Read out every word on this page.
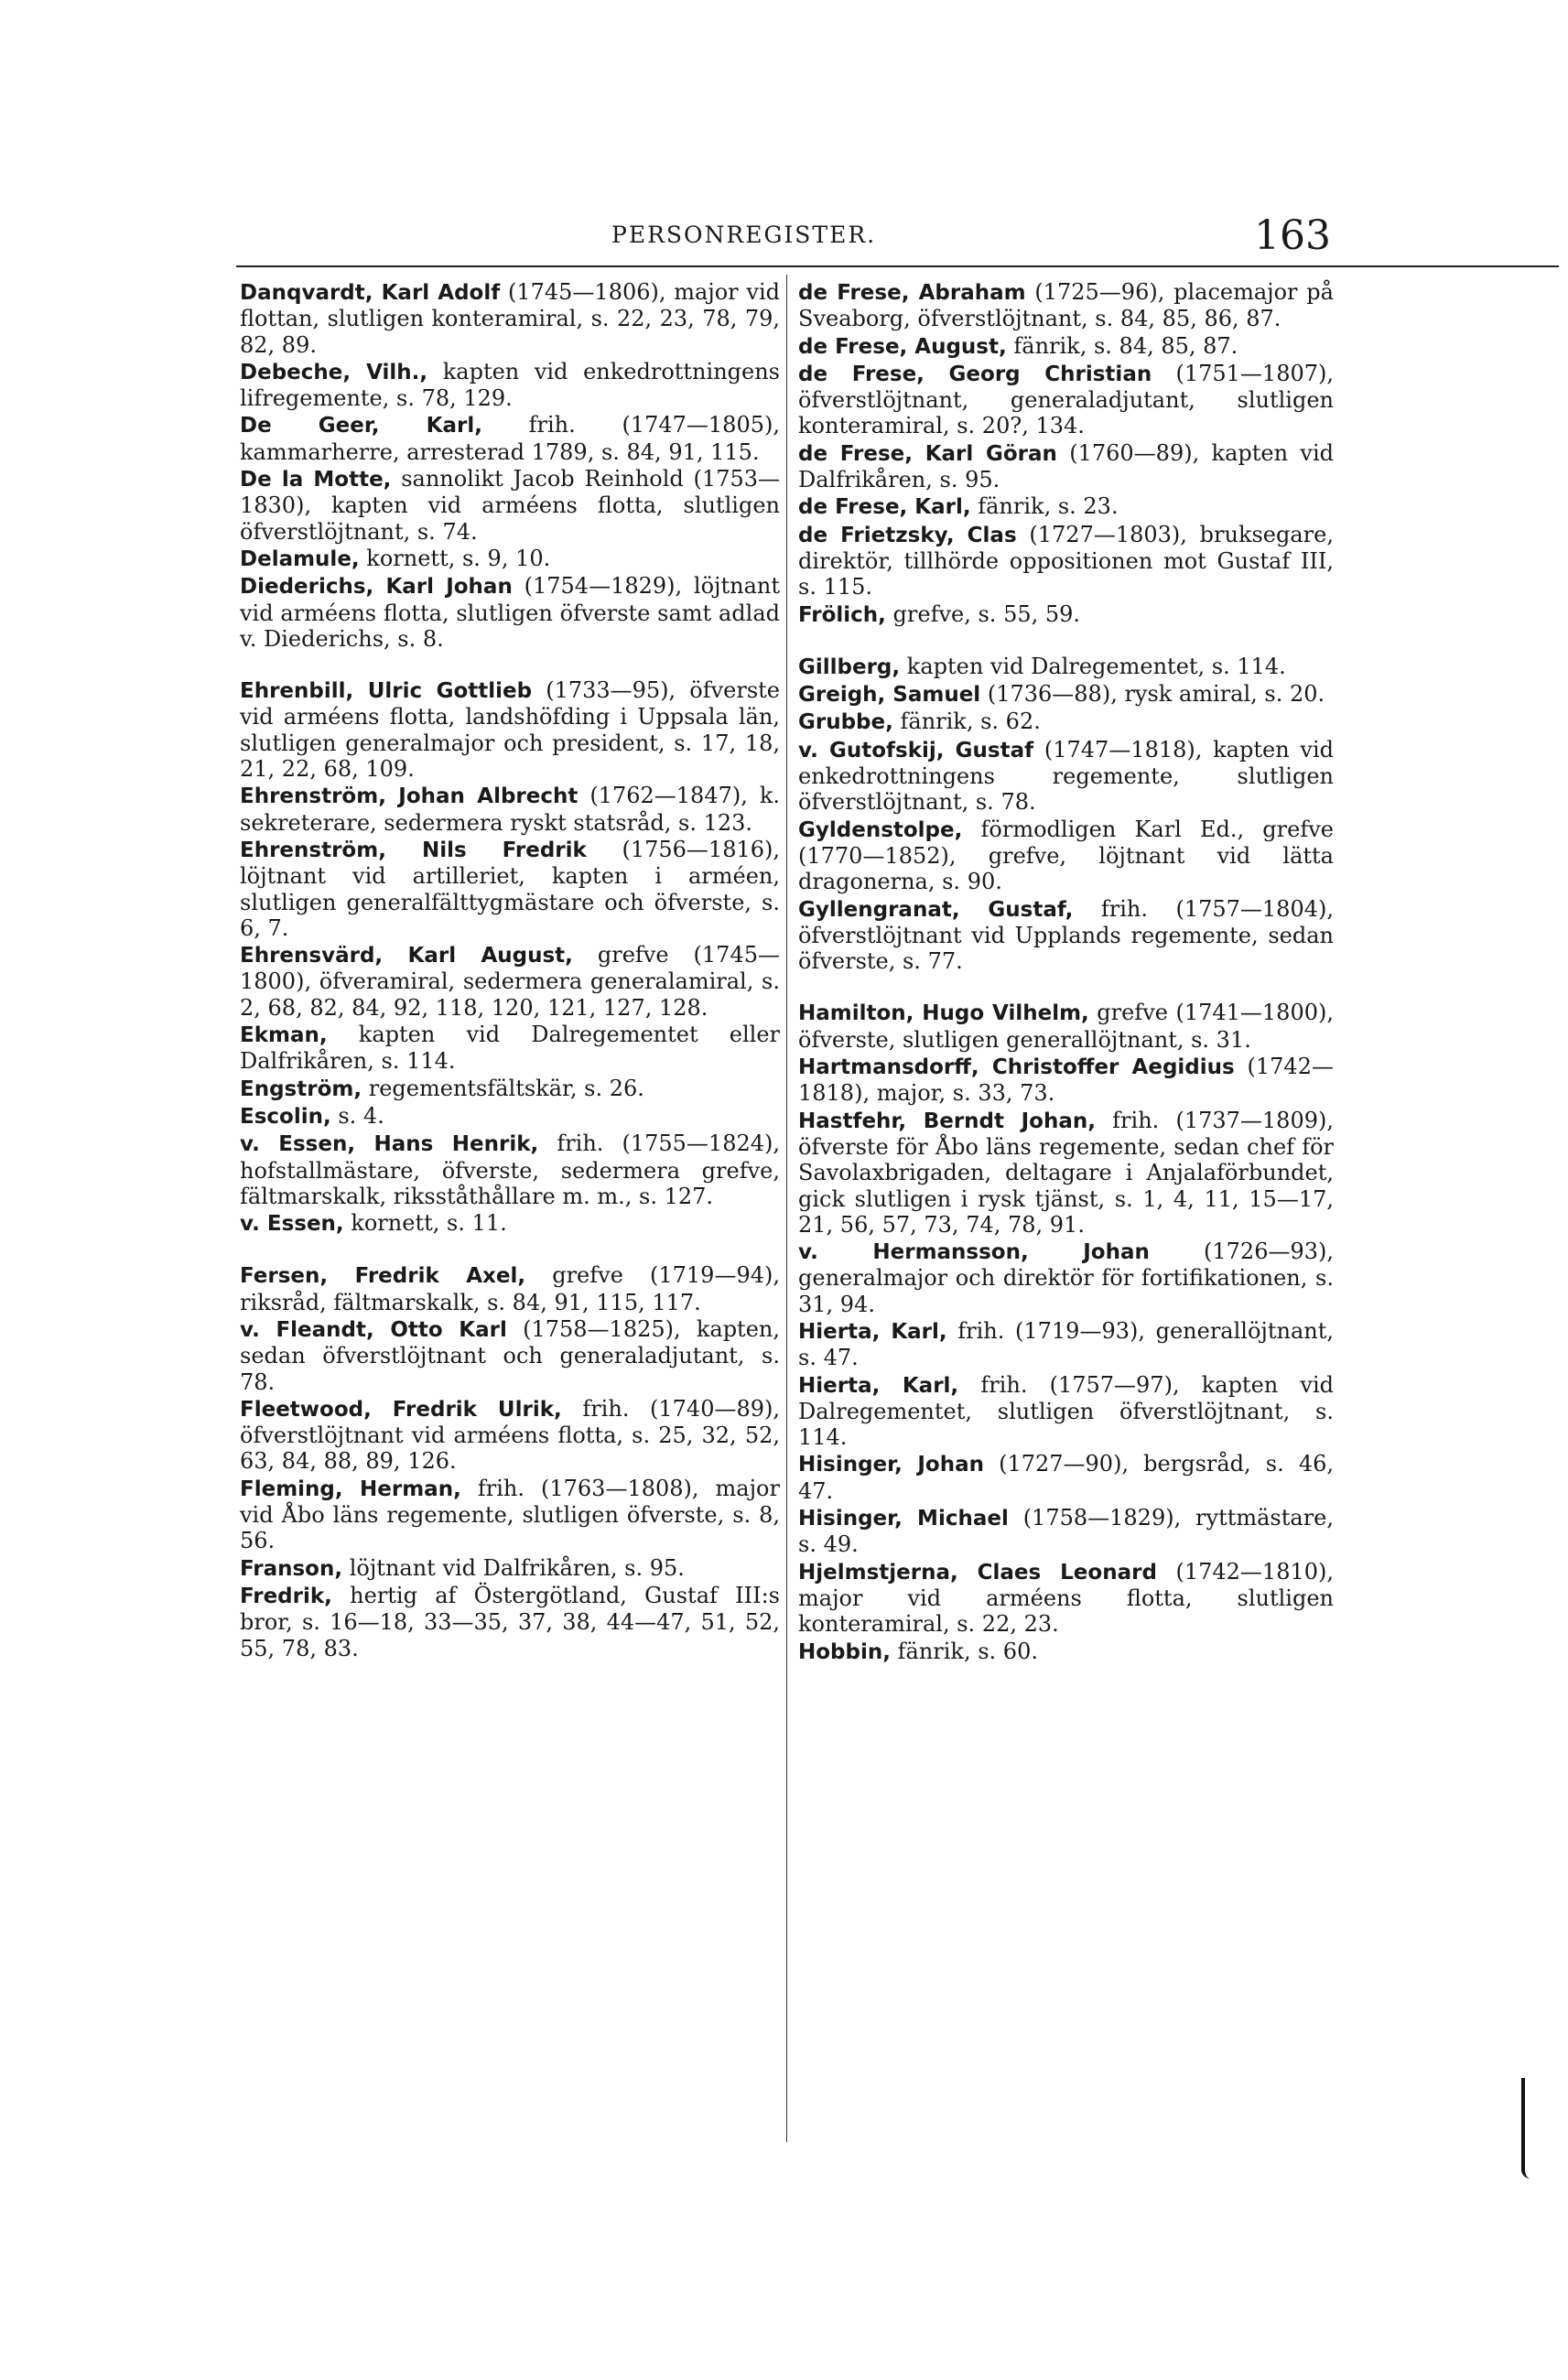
PERSONREGISTER.	163
Danqvardt, Karl Adolf (1745—1806), major vid flottan, slutligen konteramiral, s. 22, 23, 78, 79, 82, 89.
Debeche, Vilh., kapten vid enkedrottningens lifregemente, s. 78, 129.
De Geer, Karl, frih. (1747—1805), kammarherre, arresterad 1789, s. 84, 91, 115.
De la Motte, sannolikt Jacob Reinhold (1753—1830), kapten vid arméens flotta, slutligen öfverstlöjtnant, s. 74.
Delamule, kornett, s. 9, 10.
Diederichs, Karl Johan (1754—1829), löjtnant vid arméens flotta, slutligen öfverste samt adlad v. Diederichs, s. 8.
Ehrenbill, Ulric Gottlieb (1733—95), öfverste vid arméens flotta, landshöfding i Uppsala län, slutligen generalmajor och president, s. 17, 18, 21, 22, 68, 109.
Ehrenström, Johan Albrecht (1762—1847), k. sekreterare, sedermera ryskt statsråd, s. 123.
Ehrenström, Nils Fredrik (1756—1816), löjtnant vid artilleriet, kapten i arméen, slutligen generalfälttygmästare och öfverste, s. 6, 7.
Ehrensvärd, Karl August, grefve (1745—1800), öfveramiral, sedermera generalamiral, s. 2, 68, 82, 84, 92, 118, 120, 121, 127, 128.
Ekman, kapten vid Dalregementet eller Dalfrikåren, s. 114.
Engström, regementsfältskär, s. 26.
Escolin, s. 4.
v. Essen, Hans Henrik, frih. (1755—1824), hofstallmästare, öfverste, sedermera grefve, fältmarskalk, riksståthållare m. m., s. 127.
v. Essen, kornett, s. 11.
Fersen, Fredrik Axel, grefve (1719—94), riksråd, fältmarskalk, s. 84, 91, 115, 117.
v. Fleandt, Otto Karl (1758—1825), kapten, sedan öfverstlöjtnant och generaladjutant, s. 78.
Fleetwood, Fredrik Ulrik, frih. (1740—89), öfverstlöjtnant vid arméens flotta, s. 25, 32, 52, 63, 84, 88, 89, 126.
Fleming, Herman, frih. (1763—1808), major vid Åbo läns regemente, slutligen öfverste, s. 8, 56.
Franson, löjtnant vid Dalfrikåren, s. 95.
Fredrik, hertig af Östergötland, Gustaf III:s bror, s. 16—18, 33—35, 37, 38, 44—47, 51, 52, 55, 78, 83.
de Frese, Abraham (1725—96), placemajor på Sveaborg, öfverstlöjtnant, s. 84, 85, 86, 87.
de Frese, August, fänrik, s. 84, 85, 87.
de Frese, Georg Christian (1751—1807), öfverstlöjtnant, generaladjutant, slutligen konteramiral, s. 20?, 134.
de Frese, Karl Göran (1760—89), kapten vid Dalfrikåren, s. 95.
de Frese, Karl, fänrik, s. 23.
de Frietzsky, Clas (1727—1803), bruksegare, direktör, tillhörde oppositionen mot Gustaf III, s. 115.
Frölich, grefve, s. 55, 59.
Gillberg, kapten vid Dalregementet, s. 114.
Greigh, Samuel (1736—88), rysk amiral, s. 20.
Grubbe, fänrik, s. 62.
v. Gutofskij, Gustaf (1747—1818), kapten vid enkedrottningens regemente, slutligen öfverstlöjtnant, s. 78.
Gyldenstolpe, förmodligen Karl Ed., grefve (1770—1852), grefve, löjtnant vid lätta dragonerna, s. 90.
Gyllengranat, Gustaf, frih. (1757—1804), öfverstlöjtnant vid Upplands regemente, sedan öfverste, s. 77.
Hamilton, Hugo Vilhelm, grefve (1741—1800), öfverste, slutligen generallöjtnant, s. 31.
Hartmansdorff, Christoffer Aegidius (1742—1818), major, s. 33, 73.
Hastfehr, Berndt Johan, frih. (1737—1809), öfverste för Åbo läns regemente, sedan chef för Savolaxbrigaden, deltagare i Anjalaförbundet, gick slutligen i rysk tjänst, s. 1, 4, 11, 15—17, 21, 56, 57, 73, 74, 78, 91.
v. Hermansson, Johan (1726—93), generalmajor och direktör för fortifikationen, s. 31, 94.
Hierta, Karl, frih. (1719—93), generallöjtnant, s. 47.
Hierta, Karl, frih. (1757—97), kapten vid Dalregementet, slutligen öfverstlöjtnant, s. 114.
Hisinger, Johan (1727—90), bergsråd, s. 46, 47.
Hisinger, Michael (1758—1829), ryttmästare, s. 49.
Hjelmstjerna, Claes Leonard (1742—1810), major vid arméens flotta, slutligen konteramiral, s. 22, 23.
Hobbin, fänrik, s. 60.
